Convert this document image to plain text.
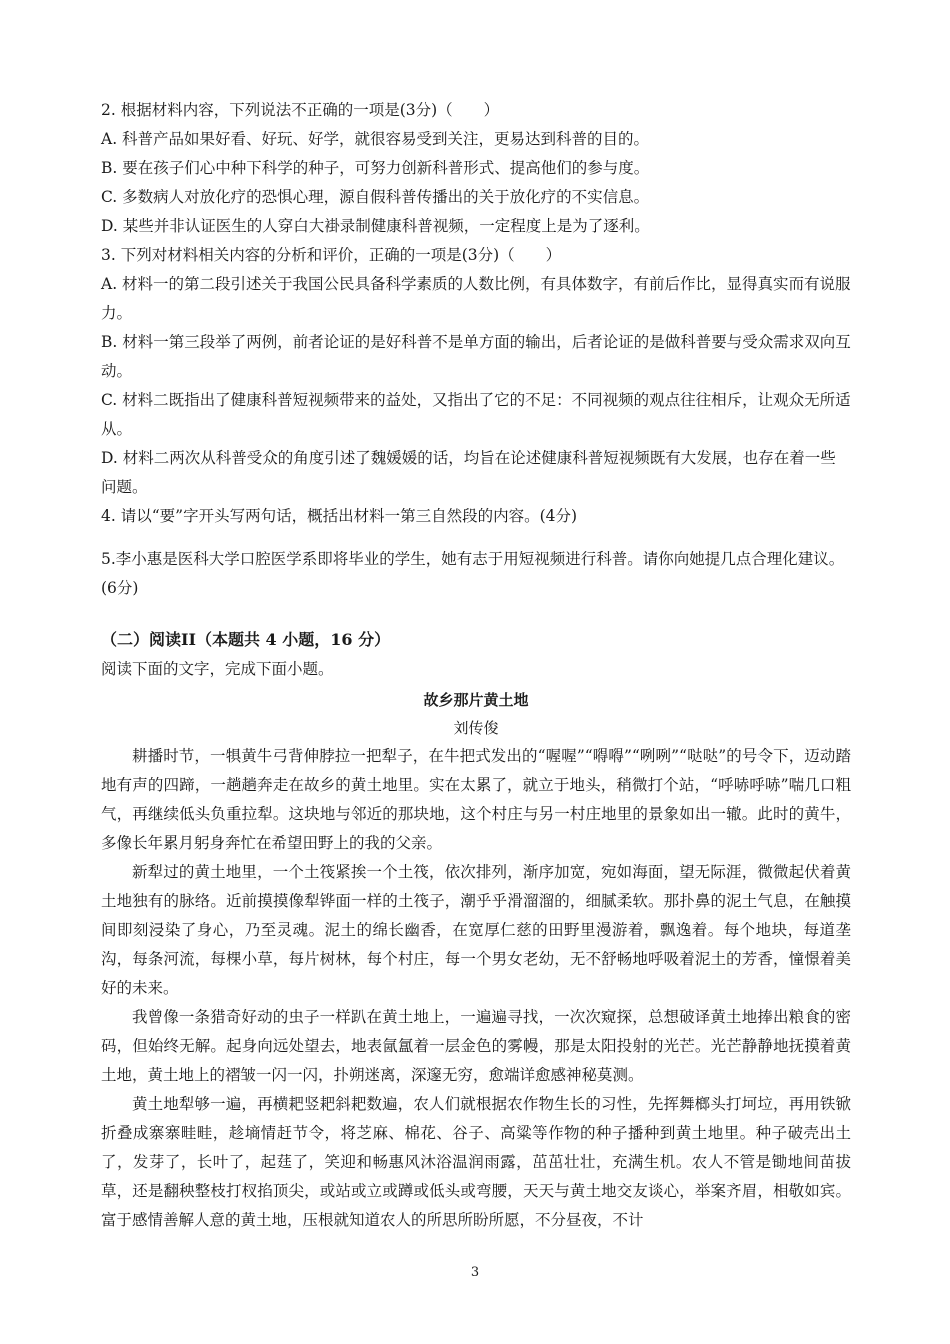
2. 根据材料内容，下列说法不正确的一项是(3分)（　　）

A. 科普产品如果好看、好玩、好学，就很容易受到关注，更易达到科普的目的。

B. 要在孩子们心中种下科学的种子，可努力创新科普形式、提高他们的参与度。

C. 多数病人对放化疗的恐惧心理，源自假科普传播出的关于放化疗的不实信息。

D. 某些并非认证医生的人穿白大褂录制健康科普视频，一定程度上是为了逐利。

3. 下列对材料相关内容的分析和评价，正确的一项是(3分)（　　）

A. 材料一的第二段引述关于我国公民具备科学素质的人数比例，有具体数字，有前后作比，显得真实而有说服力。

B. 材料一第三段举了两例，前者论证的是好科普不是单方面的输出，后者论证的是做科普要与受众需求双向互动。

C. 材料二既指出了健康科普短视频带来的益处，又指出了它的不足：不同视频的观点往往相斥，让观众无所适从。

D. 材料二两次从科普受众的角度引述了魏媛媛的话，均旨在论述健康科普短视频既有大发展，也存在着一些问题。

4. 请以“要”字开头写两句话，概括出材料一第三自然段的内容。(4分)

5.李小惠是医科大学口腔医学系即将毕业的学生，她有志于用短视频进行科普。请你向她提几点合理化建议。(6分)

（二）阅读II（本题共 4 小题，16 分）

阅读下面的文字，完成下面小题。

故乡那片黄土地
刘传俊

耕播时节，一犋黄牛弓背伸脖拉一把犁子，在牛把式发出的“喔喔”“嘚嘚”“咧咧”“哒哒”的号令下，迈动踏地有声的四蹄，一趟趟奔走在故乡的黄土地里。实在太累了，就立于地头，稍微打个站，“呼哧呼哧”喘几口粗气，再继续低头负重拉犁。这块地与邻近的那块地，这个村庄与另一村庄地里的景象如出一辙。此时的黄牛，多像长年累月躬身奔忙在希望田野上的我的父亲。

新犁过的黄土地里，一个土筏紧挨一个土筏，依次排列，渐序加宽，宛如海面，望无际涯，微微起伏着黄土地独有的脉络。近前摸摸像犁铧面一样的土筏子，潮乎乎滑溜溜的，细腻柔软。那扑鼻的泥土气息，在触摸间即刻浸染了身心，乃至灵魂。泥土的绵长幽香，在宽厚仁慈的田野里漫游着，飘逸着。每个地块，每道垄沟，每条河流，每棵小草，每片树林，每个村庄，每一个男女老幼，无不舒畅地呼吸着泥土的芳香，憧憬着美好的未来。

我曾像一条猎奇好动的虫子一样趴在黄土地上，一遍遍寻找，一次次窥探，总想破译黄土地捧出粮食的密码，但始终无解。起身向远处望去，地表氤氲着一层金色的雾幔，那是太阳投射的光芒。光芒静静地抚摸着黄土地，黄土地上的褶皱一闪一闪，扑朔迷离，深邃无穷，愈端详愈感神秘莫测。

黄土地犁够一遍，再横耙竖耙斜耙数遍，农人们就根据农作物生长的习性，先挥舞榔头打坷垃，再用铁锨折叠成寨寨畦畦，趁墒情赶节令，将芝麻、棉花、谷子、高粱等作物的种子播种到黄土地里。种子破壳出土了，发芽了，长叶了，起莛了，笑迎和畅惠风沐浴温润雨露，茁茁壮壮，充满生机。农人不管是锄地间苗拔草，还是翻秧整枝打杈掐顶尖，或站或立或蹲或低头或弯腰，天天与黄土地交友谈心，举案齐眉，相敬如宾。富于感情善解人意的黄土地，压根就知道农人的所思所盼所愿，不分昼夜，不计

3
